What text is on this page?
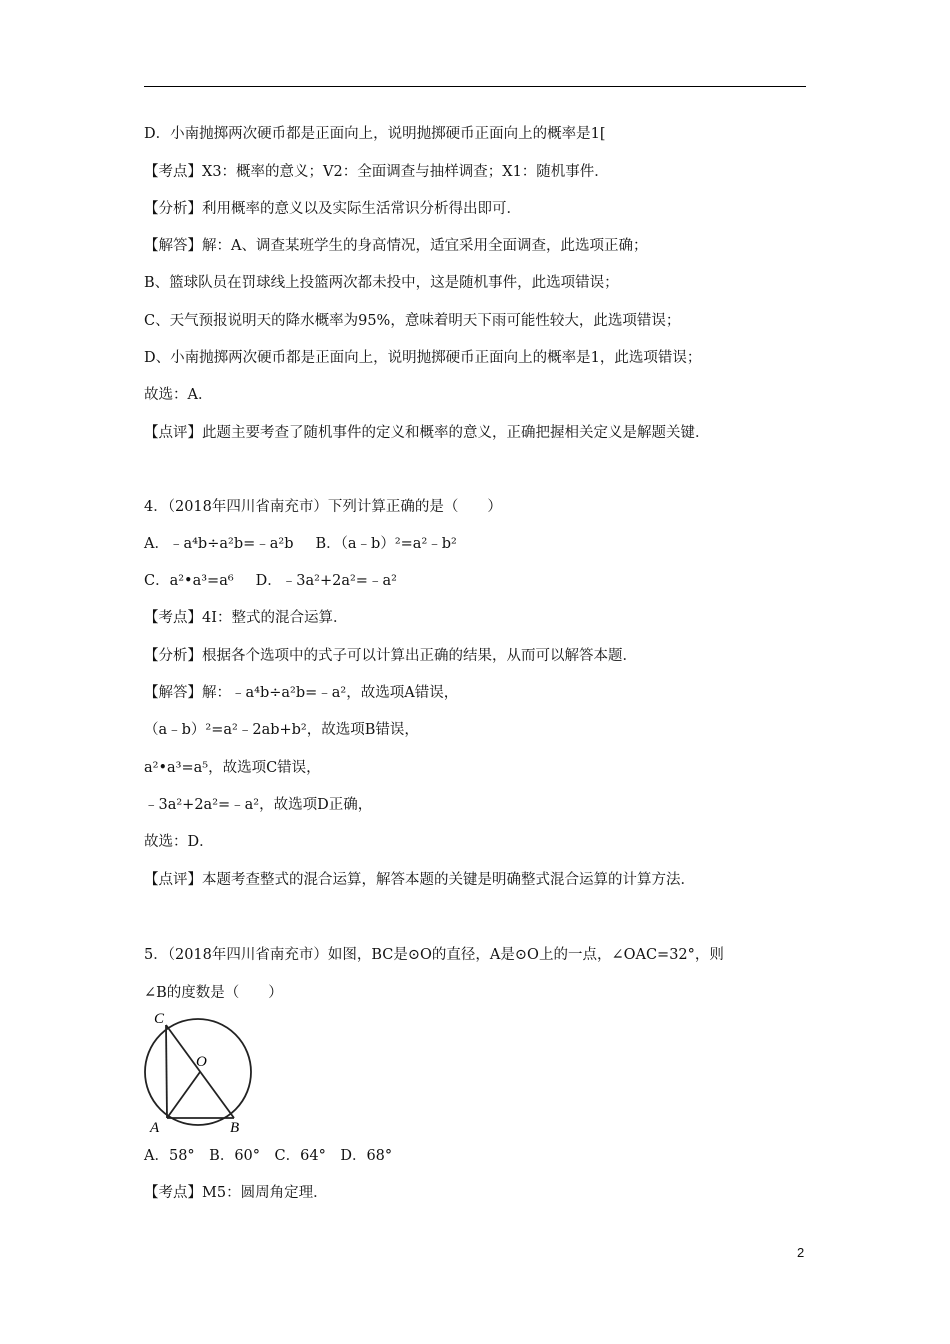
D．小南抛掷两次硬币都是正面向上，说明抛掷硬币正面向上的概率是1[
【考点】X3：概率的意义；V2：全面调查与抽样调查；X1：随机事件．
【分析】利用概率的意义以及实际生活常识分析得出即可．
【解答】解：A、调查某班学生的身高情况，适宜采用全面调查，此选项正确；
B、篮球队员在罚球线上投篮两次都未投中，这是随机事件，此选项错误；
C、天气预报说明天的降水概率为95%，意味着明天下雨可能性较大，此选项错误；
D、小南抛掷两次硬币都是正面向上，说明抛掷硬币正面向上的概率是1，此选项错误；
故选：A．
【点评】此题主要考查了随机事件的定义和概率的意义，正确把握相关定义是解题关键．
4．（2018年四川省南充市）下列计算正确的是（　　）
A．﹣a⁴b÷a²b=﹣a²b B．（a﹣b）²=a²﹣b²
C．a²•a³=a⁶ D．﹣3a²+2a²=﹣a²
【考点】4I：整式的混合运算．
【分析】根据各个选项中的式子可以计算出正确的结果，从而可以解答本题．
【解答】解：﹣a⁴b÷a²b=﹣a²，故选项A错误，
（a﹣b）²=a²﹣2ab+b²，故选项B错误，
a²•a³=a⁵，故选项C错误，
﹣3a²+2a²=﹣a²，故选项D正确，
故选：D．
【点评】本题考查整式的混合运算，解答本题的关键是明确整式混合运算的计算方法．
5．（2018年四川省南充市）如图，BC是⊙O的直径，A是⊙O上的一点，∠OAC=32°，则
∠B的度数是（　　）
C
O
A	B
A．58°　B．60°　C．64°　D．68°
【考点】M5：圆周角定理．
2
